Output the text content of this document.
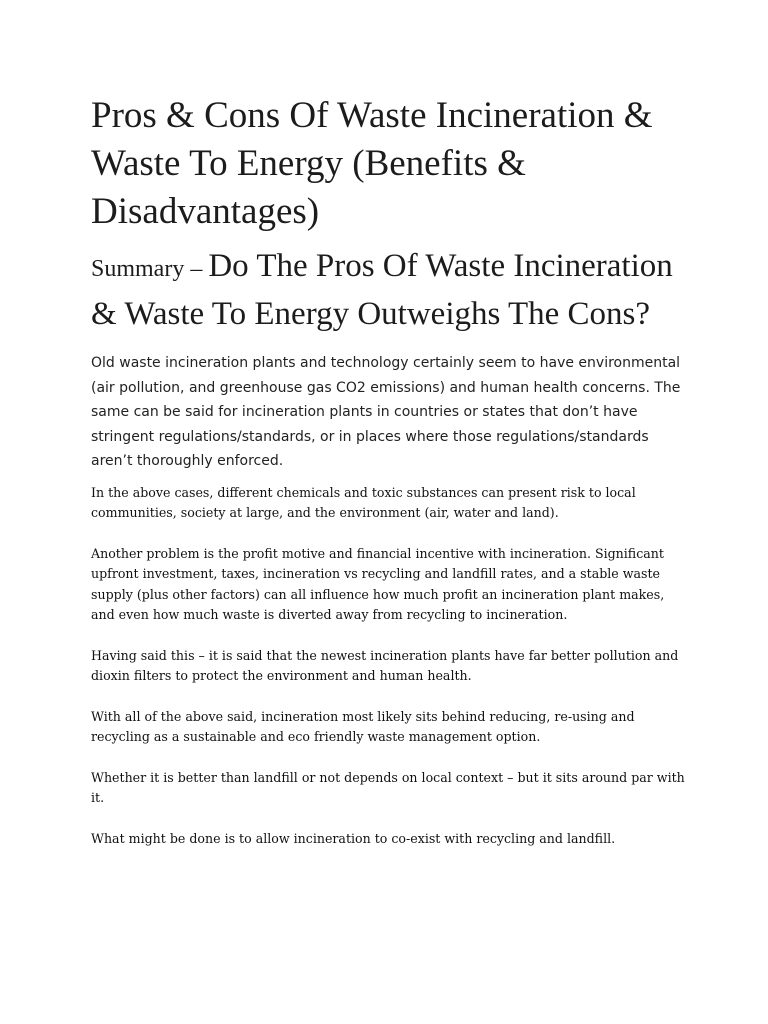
Pros & Cons Of Waste Incineration & Waste To Energy (Benefits & Disadvantages)
Summary – Do The Pros Of Waste Incineration & Waste To Energy Outweighs The Cons?

Old waste incineration plants and technology certainly seem to have environmental (air pollution, and greenhouse gas CO2 emissions) and human health concerns. The same can be said for incineration plants in countries or states that don’t have stringent regulations/standards, or in places where those regulations/standards aren’t thoroughly enforced.

In the above cases, different chemicals and toxic substances can present risk to local communities, society at large, and the environment (air, water and land).

Another problem is the profit motive and financial incentive with incineration. Significant upfront investment, taxes, incineration vs recycling and landfill rates, and a stable waste supply (plus other factors) can all influence how much profit an incineration plant makes, and even how much waste is diverted away from recycling to incineration.

Having said this – it is said that the newest incineration plants have far better pollution and dioxin filters to protect the environment and human health.

With all of the above said, incineration most likely sits behind reducing, re-using and recycling as a sustainable and eco friendly waste management option.

Whether it is better than landfill or not depends on local context – but it sits around par with it.

What might be done is to allow incineration to co-exist with recycling and landfill.
